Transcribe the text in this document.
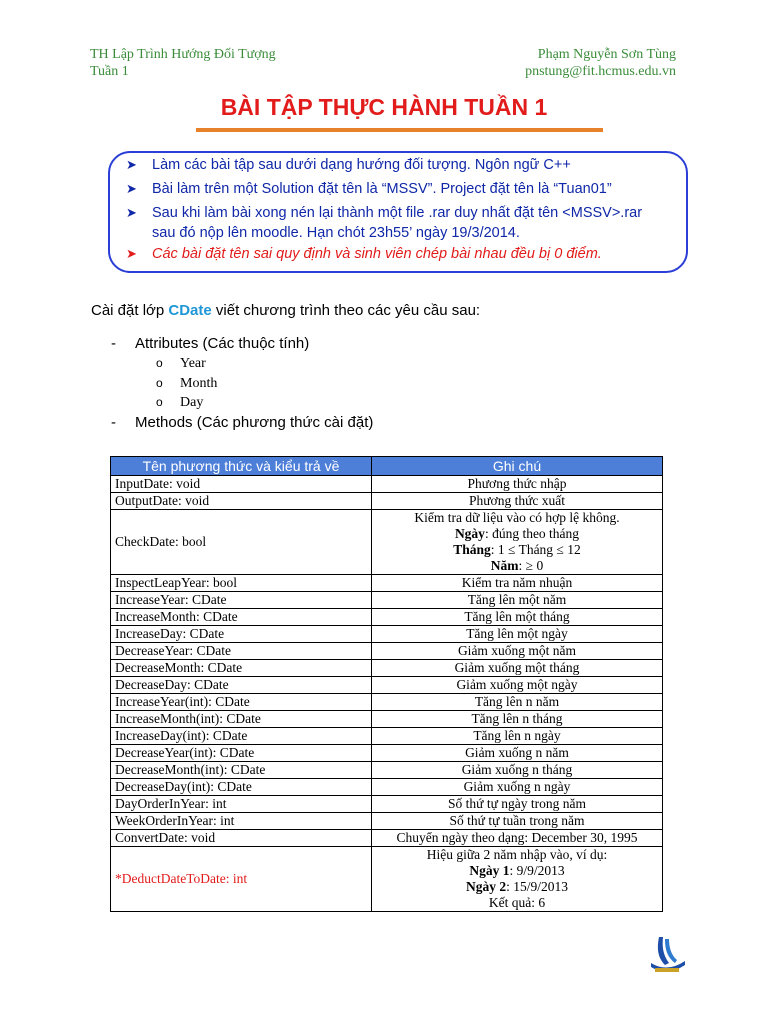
TH Lập Trình Hướng Đối Tượng
Tuần 1
Phạm Nguyễn Sơn Tùng
pnstung@fit.hcmus.edu.vn
BÀI TẬP THỰC HÀNH TUẦN 1
➤ Làm các bài tập sau dưới dạng hướng đối tượng. Ngôn ngữ C++
➤ Bài làm trên một Solution đặt tên là “MSSV”. Project đặt tên là “Tuan01”
➤ Sau khi làm bài xong nén lại thành một file .rar duy nhất đặt tên <MSSV>.rar
sau đó nộp lên moodle. Hạn chót 23h55’ ngày 19/3/2014.
➤ Các bài đặt tên sai quy định và sinh viên chép bài nhau đều bị 0 điểm.
Cài đặt lớp CDate viết chương trình theo các yêu cầu sau:
- Attributes (Các thuộc tính)
o Year
o Month
o Day
- Methods (Các phương thức cài đặt)
Tên phương thức và kiểu trả về	Ghi chú
InputDate: void	Phương thức nhập
OutputDate: void	Phương thức xuất
CheckDate: bool	Kiểm tra dữ liệu vào có hợp lệ không.
Ngày: đúng theo tháng
Tháng: 1 ≤ Tháng ≤ 12
Năm: ≥ 0

InspectLeapYear: bool	Kiểm tra năm nhuận
IncreaseYear: CDate	Tăng lên một năm
IncreaseMonth: CDate	Tăng lên một tháng
IncreaseDay: CDate	Tăng lên một ngày
DecreaseYear: CDate	Giảm xuống một năm
DecreaseMonth: CDate	Giảm xuống một tháng
DecreaseDay: CDate	Giảm xuống một ngày
IncreaseYear(int): CDate	Tăng lên n năm
IncreaseMonth(int): CDate	Tăng lên n tháng
IncreaseDay(int): CDate	Tăng lên n ngày
DecreaseYear(int): CDate	Giảm xuống n năm
DecreaseMonth(int): CDate	Giảm xuống n tháng
DecreaseDay(int): CDate	Giảm xuống n ngày
DayOrderInYear: int	Số thứ tự ngày trong năm
WeekOrderInYear: int	Số thứ tự tuần trong năm
ConvertDate: void	Chuyển ngày theo dạng: December 30, 1995
*DeductDateToDate: int	Hiệu giữa 2 năm nhập vào, ví dụ:
Ngày 1: 9/9/2013
Ngày 2: 15/9/2013
Kết quả: 6
